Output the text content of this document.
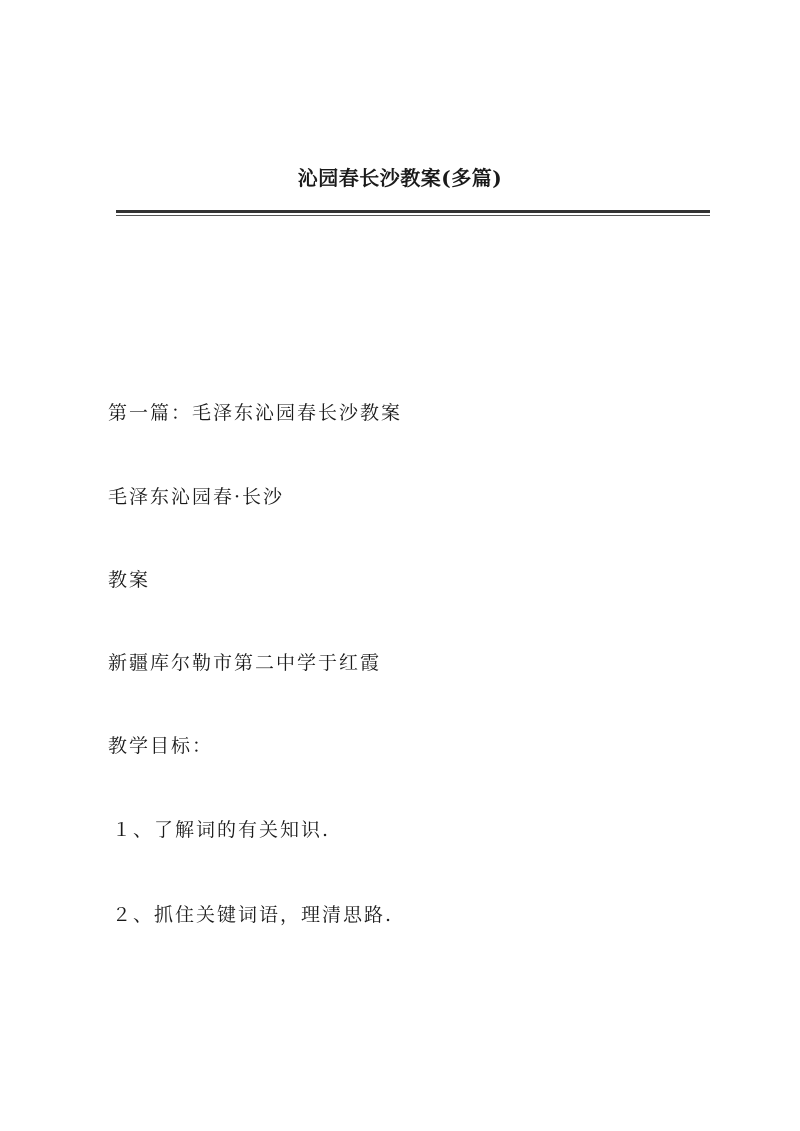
沁园春长沙教案(多篇)
第一篇：毛泽东沁园春长沙教案
毛泽东沁园春·长沙
教案
新疆库尔勒市第二中学于红霞
教学目标：
１、了解词的有关知识.
２、抓住关键词语，理清思路.
